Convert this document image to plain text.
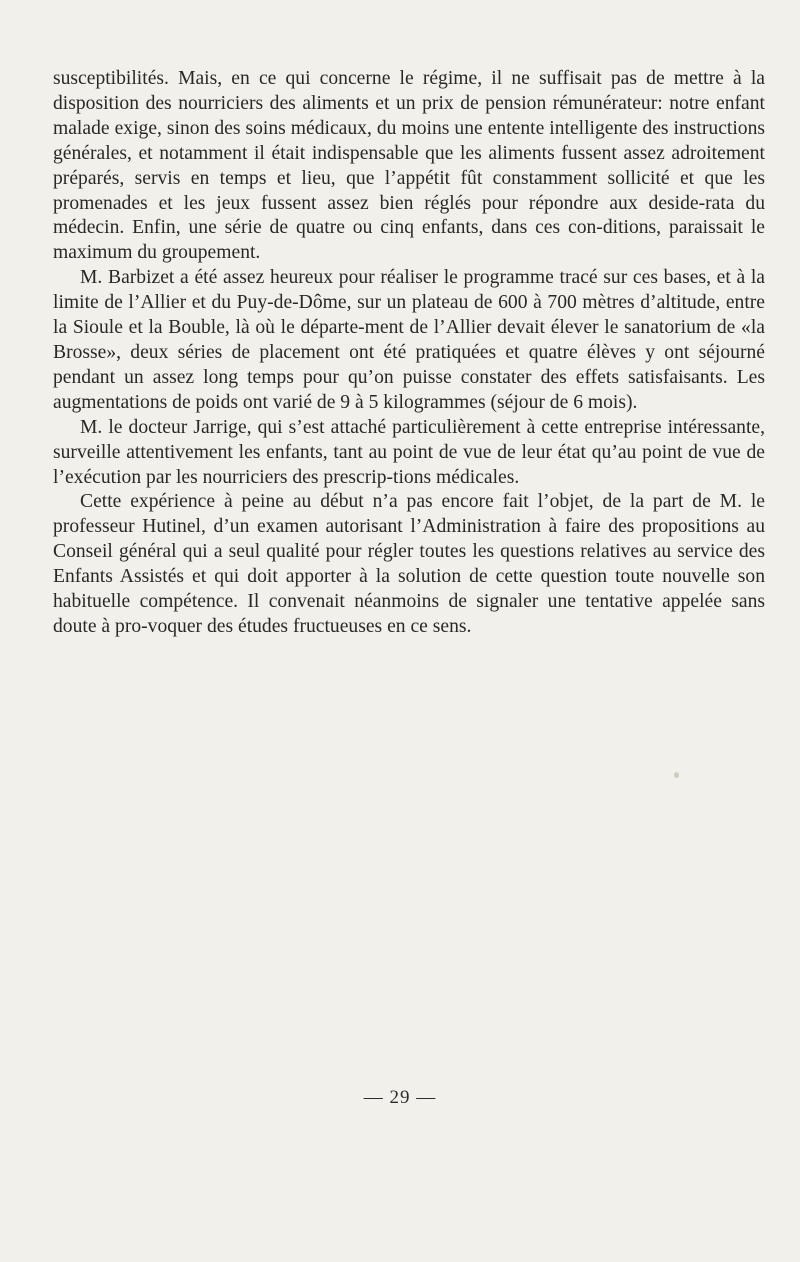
susceptibilités. Mais, en ce qui concerne le régime, il ne suffisait pas de mettre à la disposition des nourriciers des aliments et un prix de pension rémunérateur: notre enfant malade exige, sinon des soins médicaux, du moins une entente intelligente des instructions générales, et notamment il était indispensable que les aliments fussent assez adroitement préparés, servis en temps et lieu, que l’appétit fût constamment sollicité et que les promenades et les jeux fussent assez bien réglés pour répondre aux deside-rata du médecin. Enfin, une série de quatre ou cinq enfants, dans ces con-ditions, paraissait le maximum du groupement.

M. Barbizet a été assez heureux pour réaliser le programme tracé sur ces bases, et à la limite de l’Allier et du Puy-de-Dôme, sur un plateau de 600 à 700 mètres d’altitude, entre la Sioule et la Bouble, là où le départe-ment de l’Allier devait élever le sanatorium de «la Brosse», deux séries de placement ont été pratiquées et quatre élèves y ont séjourné pendant un assez long temps pour qu’on puisse constater des effets satisfaisants. Les augmentations de poids ont varié de 9 à 5 kilogrammes (séjour de 6 mois).

M. le docteur Jarrige, qui s’est attaché particulièrement à cette entreprise intéressante, surveille attentivement les enfants, tant au point de vue de leur état qu’au point de vue de l’exécution par les nourriciers des prescrip-tions médicales.

Cette expérience à peine au début n’a pas encore fait l’objet, de la part de M. le professeur Hutinel, d’un examen autorisant l’Administration à faire des propositions au Conseil général qui a seul qualité pour régler toutes les questions relatives au service des Enfants Assistés et qui doit apporter à la solution de cette question toute nouvelle son habituelle compétence. Il convenait néanmoins de signaler une tentative appelée sans doute à pro-voquer des études fructueuses en ce sens.

— 29 —
